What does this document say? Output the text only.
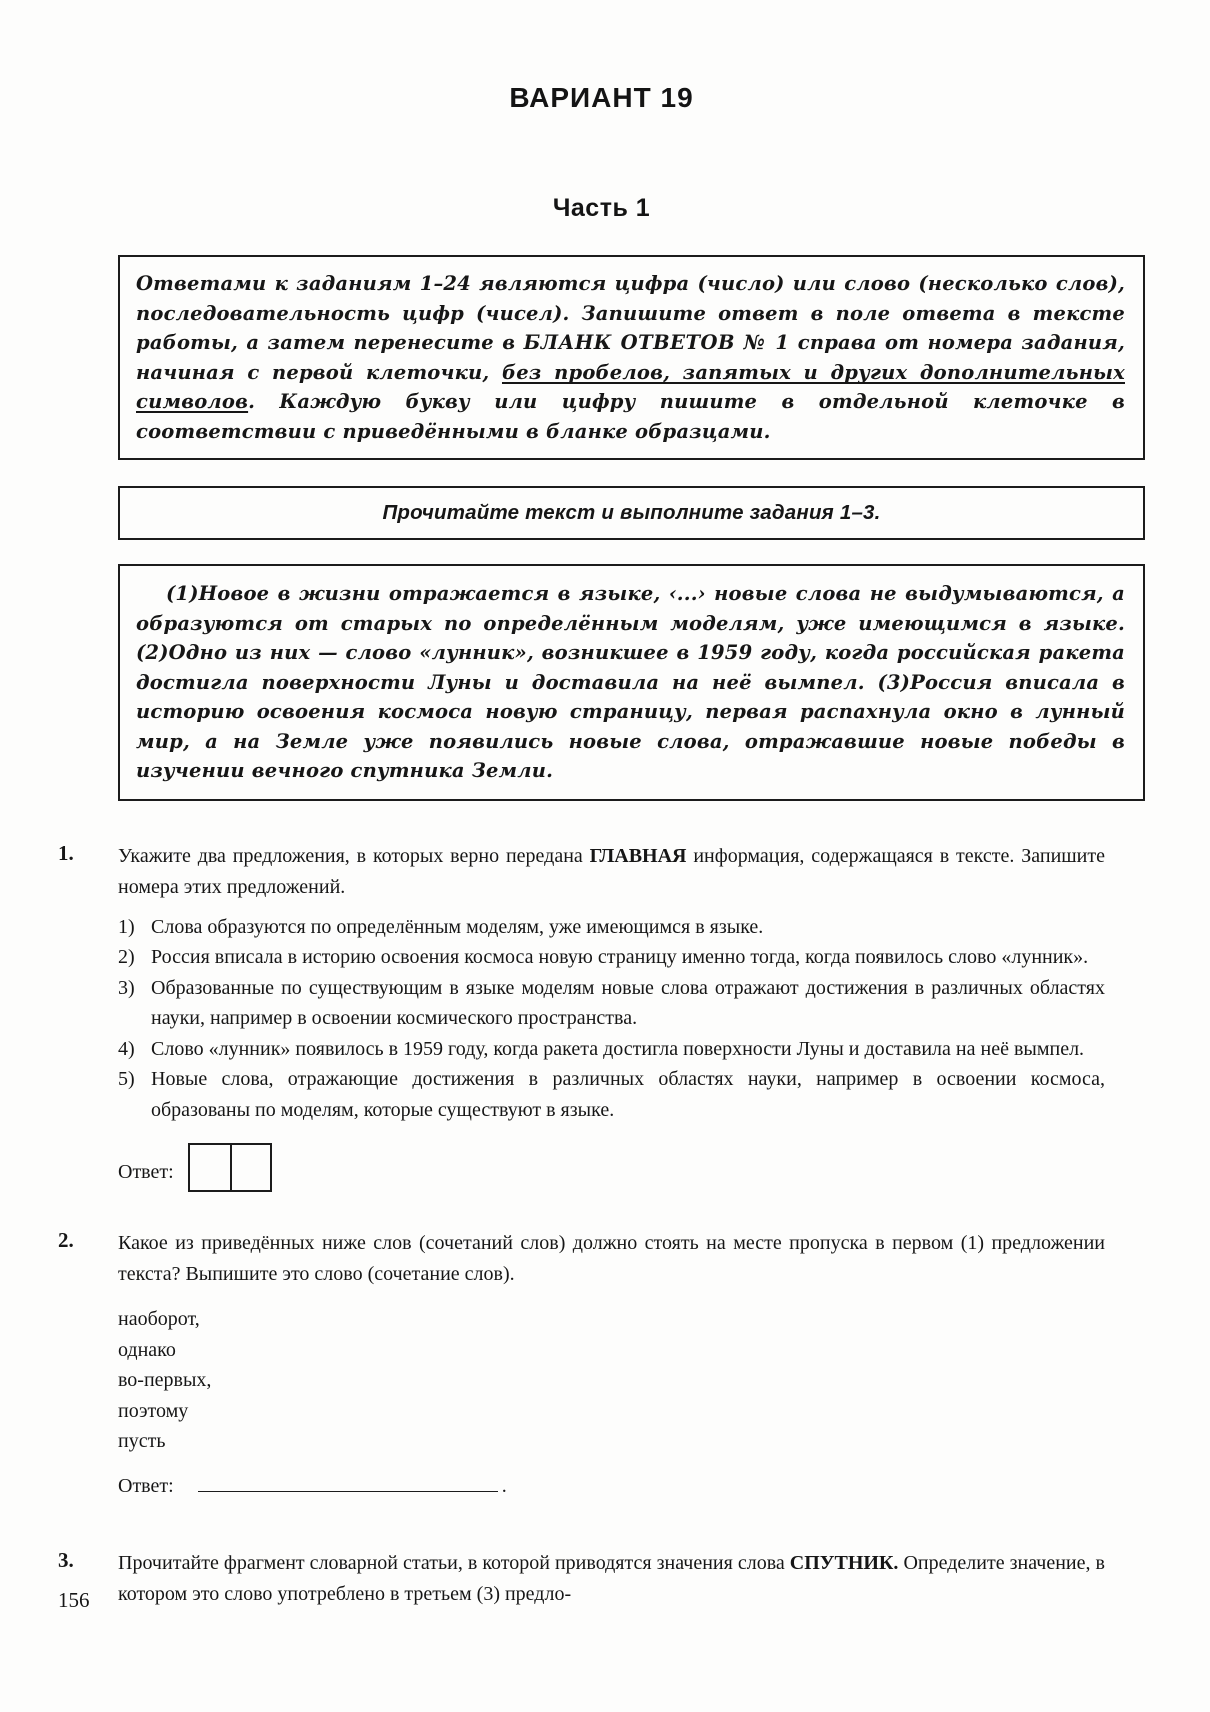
ВАРИАНТ 19
Часть 1

Ответами к заданиям 1–24 являются цифра (число) или слово (несколько слов), последовательность цифр (чисел). Запишите ответ в поле ответа в тексте работы, а затем перенесите в БЛАНК ОТВЕТОВ № 1 справа от номера задания, начиная с первой клеточки, без пробелов, запятых и других дополнительных символов. Каждую букву или цифру пишите в отдельной клеточке в соответствии с приведёнными в бланке образцами.

Прочитайте текст и выполните задания 1–3.

(1)Новое в жизни отражается в языке, ‹...› новые слова не выдумываются, а образуются от старых по определённым моделям, уже имеющимся в языке. (2)Одно из них — слово «лунник», возникшее в 1959 году, когда российская ракета достигла поверхности Луны и доставила на неё вымпел. (3)Россия вписала в историю освоения космоса новую страницу, первая распахнула окно в лунный мир, а на Земле уже появились новые слова, отражавшие новые победы в изучении вечного спутника Земли.

1. Укажите два предложения, в которых верно передана ГЛАВНАЯ информация, содержащаяся в тексте. Запишите номера этих предложений.

1) Слова образуются по определённым моделям, уже имеющимся в языке.
2) Россия вписала в историю освоения космоса новую страницу именно тогда, когда появилось слово «лунник».
3) Образованные по существующим в языке моделям новые слова отражают достижения в различных областях науки, например в освоении космического пространства.
4) Слово «лунник» появилось в 1959 году, когда ракета достигла поверхности Луны и доставила на неё вымпел.
5) Новые слова, отражающие достижения в различных областях науки, например в освоении космоса, образованы по моделям, которые существуют в языке.
Ответ:
2. Какое из приведённых ниже слов (сочетаний слов) должно стоять на месте пропуска в первом (1) предложении текста? Выпишите это слово (сочетание слов).

наоборот,
однако
во-первых,
поэтому
пусть
Ответ:	.
3. Прочитайте фрагмент словарной статьи, в которой приводятся значения слова СПУТНИК. Определите значение, в котором это слово употреблено в третьем (3) предло-

156
